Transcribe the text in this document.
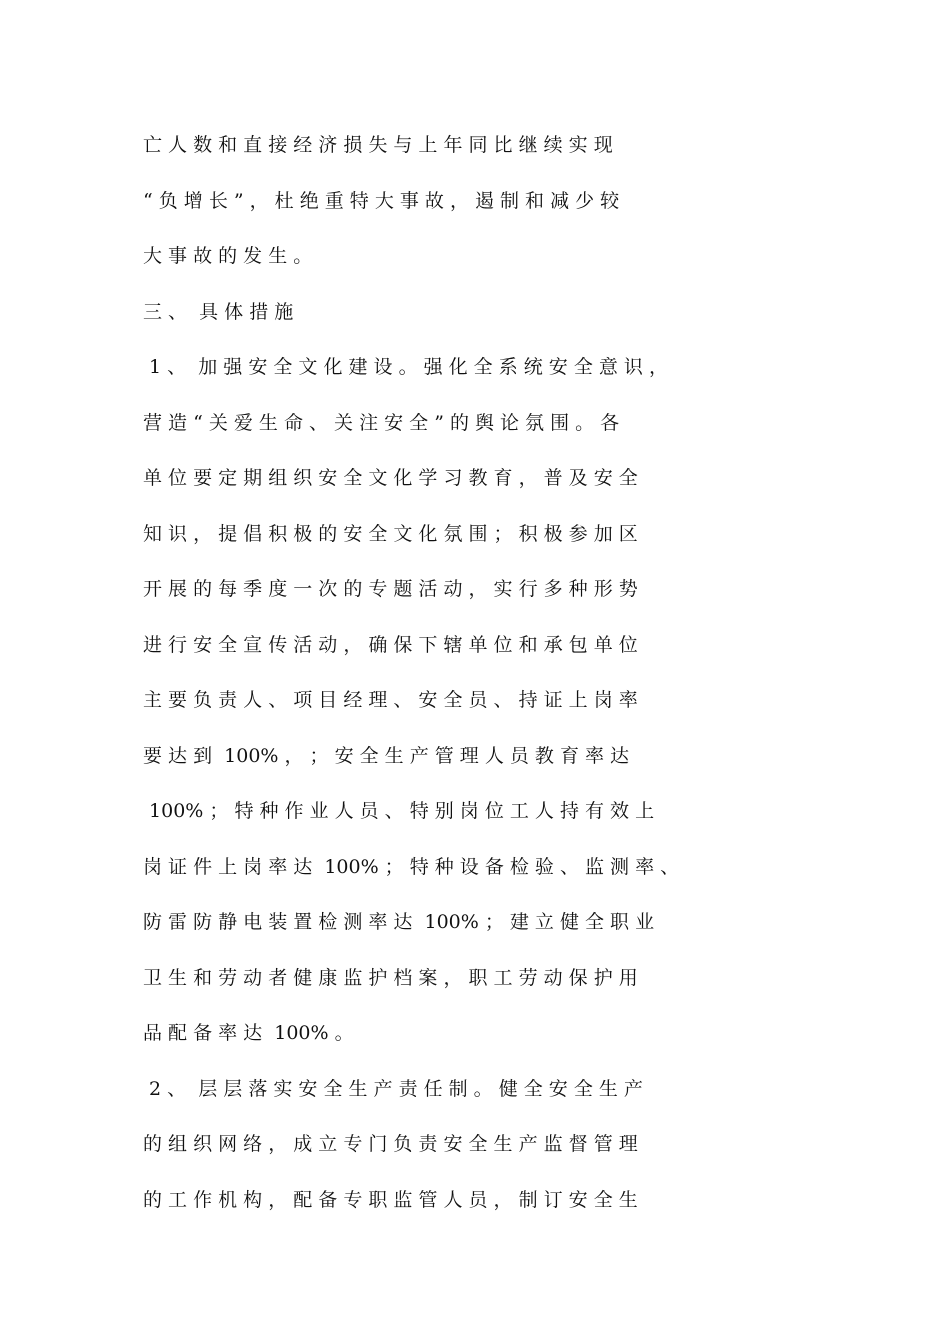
亡 人 数 和 直 接 经 济 损 失 与 上 年 同 比 继 续 实 现
“ 负 增 长 ” ， 杜 绝 重 特 大 事 故 ， 遏 制 和 减 少 较
大 事 故 的 发 生 。
三 、  具 体 措 施
1 、  加 强 安 全 文 化 建 设 。 强 化 全 系 统 安 全 意 识 ，
营 造 “ 关 爱 生 命 、 关 注 安 全 ” 的 舆 论 氛 围 。 各
单 位 要 定 期 组 织 安 全 文 化 学 习 教 育 ， 普 及 安 全
知 识 ， 提 倡 积 极 的 安 全 文 化 氛 围 ； 积 极 参 加 区
开 展 的 每 季 度 一 次 的 专 题 活 动 ， 实 行 多 种 形 势
进 行 安 全 宣 传 活 动 ， 确 保 下 辖 单 位 和 承 包 单 位
主 要 负 责 人 、 项 目 经 理 、 安 全 员 、 持 证 上 岗 率
要 达 到  100% ， ； 安 全 生 产 管 理 人 员 教 育 率 达
100% ； 特 种 作 业 人 员 、 特 别 岗 位 工 人 持 有 效 上
岗 证 件 上 岗 率 达  100% ； 特 种 设 备 检 验 、 监 测 率 、
防 雷 防 静 电 装 置 检 测 率 达  100% ； 建 立 健 全 职 业
卫 生 和 劳 动 者 健 康 监 护 档 案 ， 职 工 劳 动 保 护 用
品 配 备 率 达  100% 。
2 、  层 层 落 实 安 全 生 产 责 任 制 。 健 全 安 全 生 产
的 组 织 网 络 ， 成 立 专 门 负 责 安 全 生 产 监 督 管 理
的 工 作 机 构 ， 配 备 专 职 监 管 人 员 ， 制 订 安 全 生
